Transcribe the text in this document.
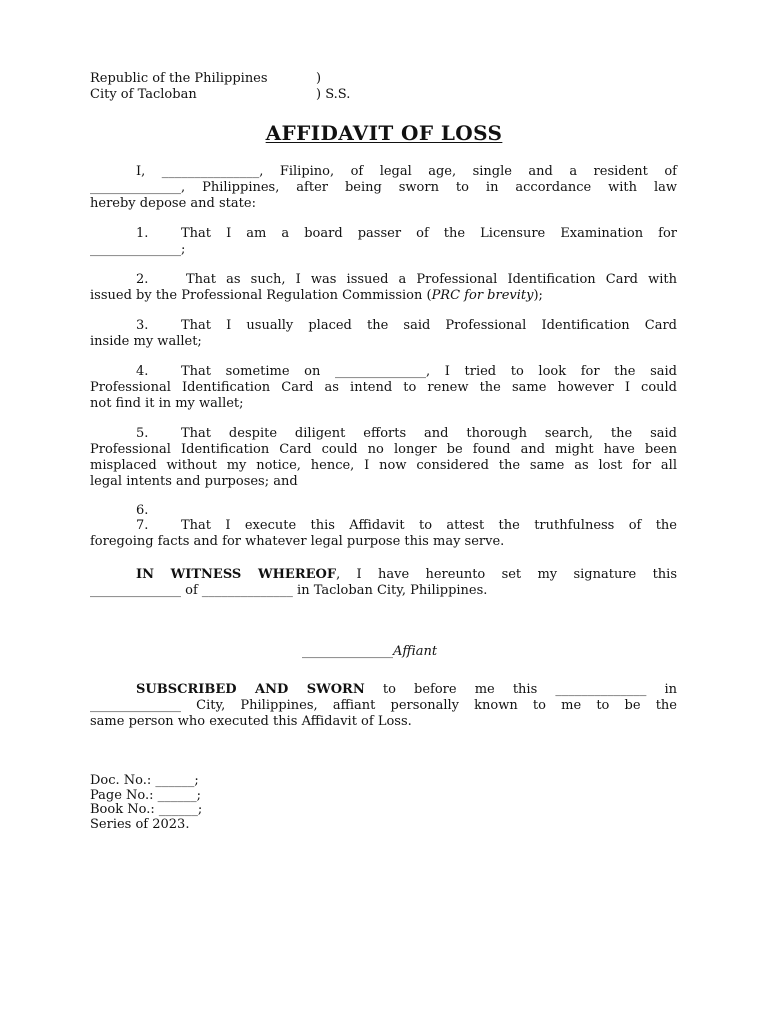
Republic of the Philippines	)
City of Tacloban	) S.S.
AFFIDAVIT OF LOSS
I, _______________, Filipino, of legal age, single and a resident of
______________, Philippines, after being sworn to in accordance with law
hereby depose and state:
1.	That I am a board passer of the Licensure Examination for
______________;
2.	That as such, I was issued a Professional Identification Card with
issued by the Professional Regulation Commission (PRC for brevity);
3.	That I usually placed the said Professional Identification Card
inside my wallet;
4.	That sometime on ______________, I tried to look for the said
Professional Identification Card as intend to renew the same however I could
not find it in my wallet;
5.	That despite diligent efforts and thorough search, the said
Professional Identification Card could no longer be found and might have been
misplaced without my notice, hence, I now considered the same as lost for all
legal intents and purposes; and
6.
7.	That I execute this Affidavit to attest the truthfulness of the
foregoing facts and for whatever legal purpose this may serve.
IN WITNESS WHEREOF, I have hereunto set my signature this
______________ of ______________ in Tacloban City, Philippines.
______________Affiant
SUBSCRIBED AND SWORN to before me this ______________ in
______________ City, Philippines, affiant personally known to me to be the
same person who executed this Affidavit of Loss.
Doc. No.: ______;
Page No.: ______;
Book No.: ______;
Series of 2023.
